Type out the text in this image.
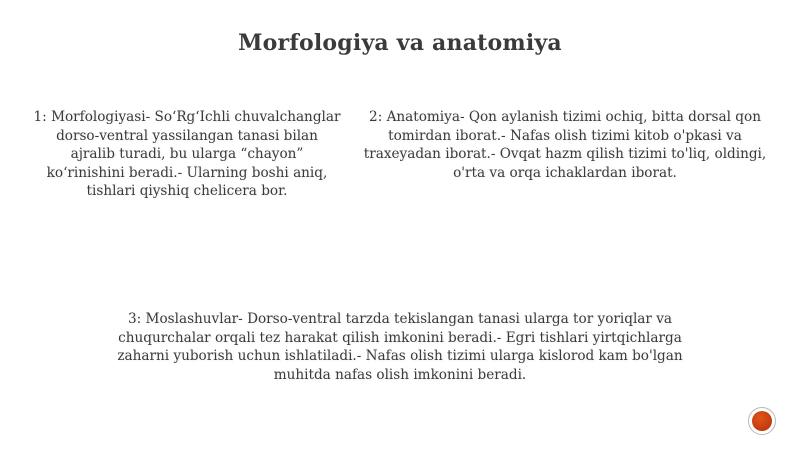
Morfologiya va anatomiya
1: Morfologiyasi- So‘Rg‘Ichli chuvalchanglar dorso-ventral yassilangan tanasi bilan ajralib turadi, bu ularga “chayon” ko‘rinishini beradi.- Ularning boshi aniq, tishlari qiyshiq chelicera bor.
2: Anatomiya- Qon aylanish tizimi ochiq, bitta dorsal qon tomirdan iborat.- Nafas olish tizimi kitob o'pkasi va traxeyadan iborat.- Ovqat hazm qilish tizimi to'liq, oldingi, o'rta va orqa ichaklardan iborat.
3: Moslashuvlar- Dorso-ventral tarzda tekislangan tanasi ularga tor yoriqlar va chuqurchalar orqali tez harakat qilish imkonini beradi.- Egri tishlari yirtqichlarga zaharni yuborish uchun ishlatiladi.- Nafas olish tizimi ularga kislorod kam bo'lgan muhitda nafas olish imkonini beradi.
